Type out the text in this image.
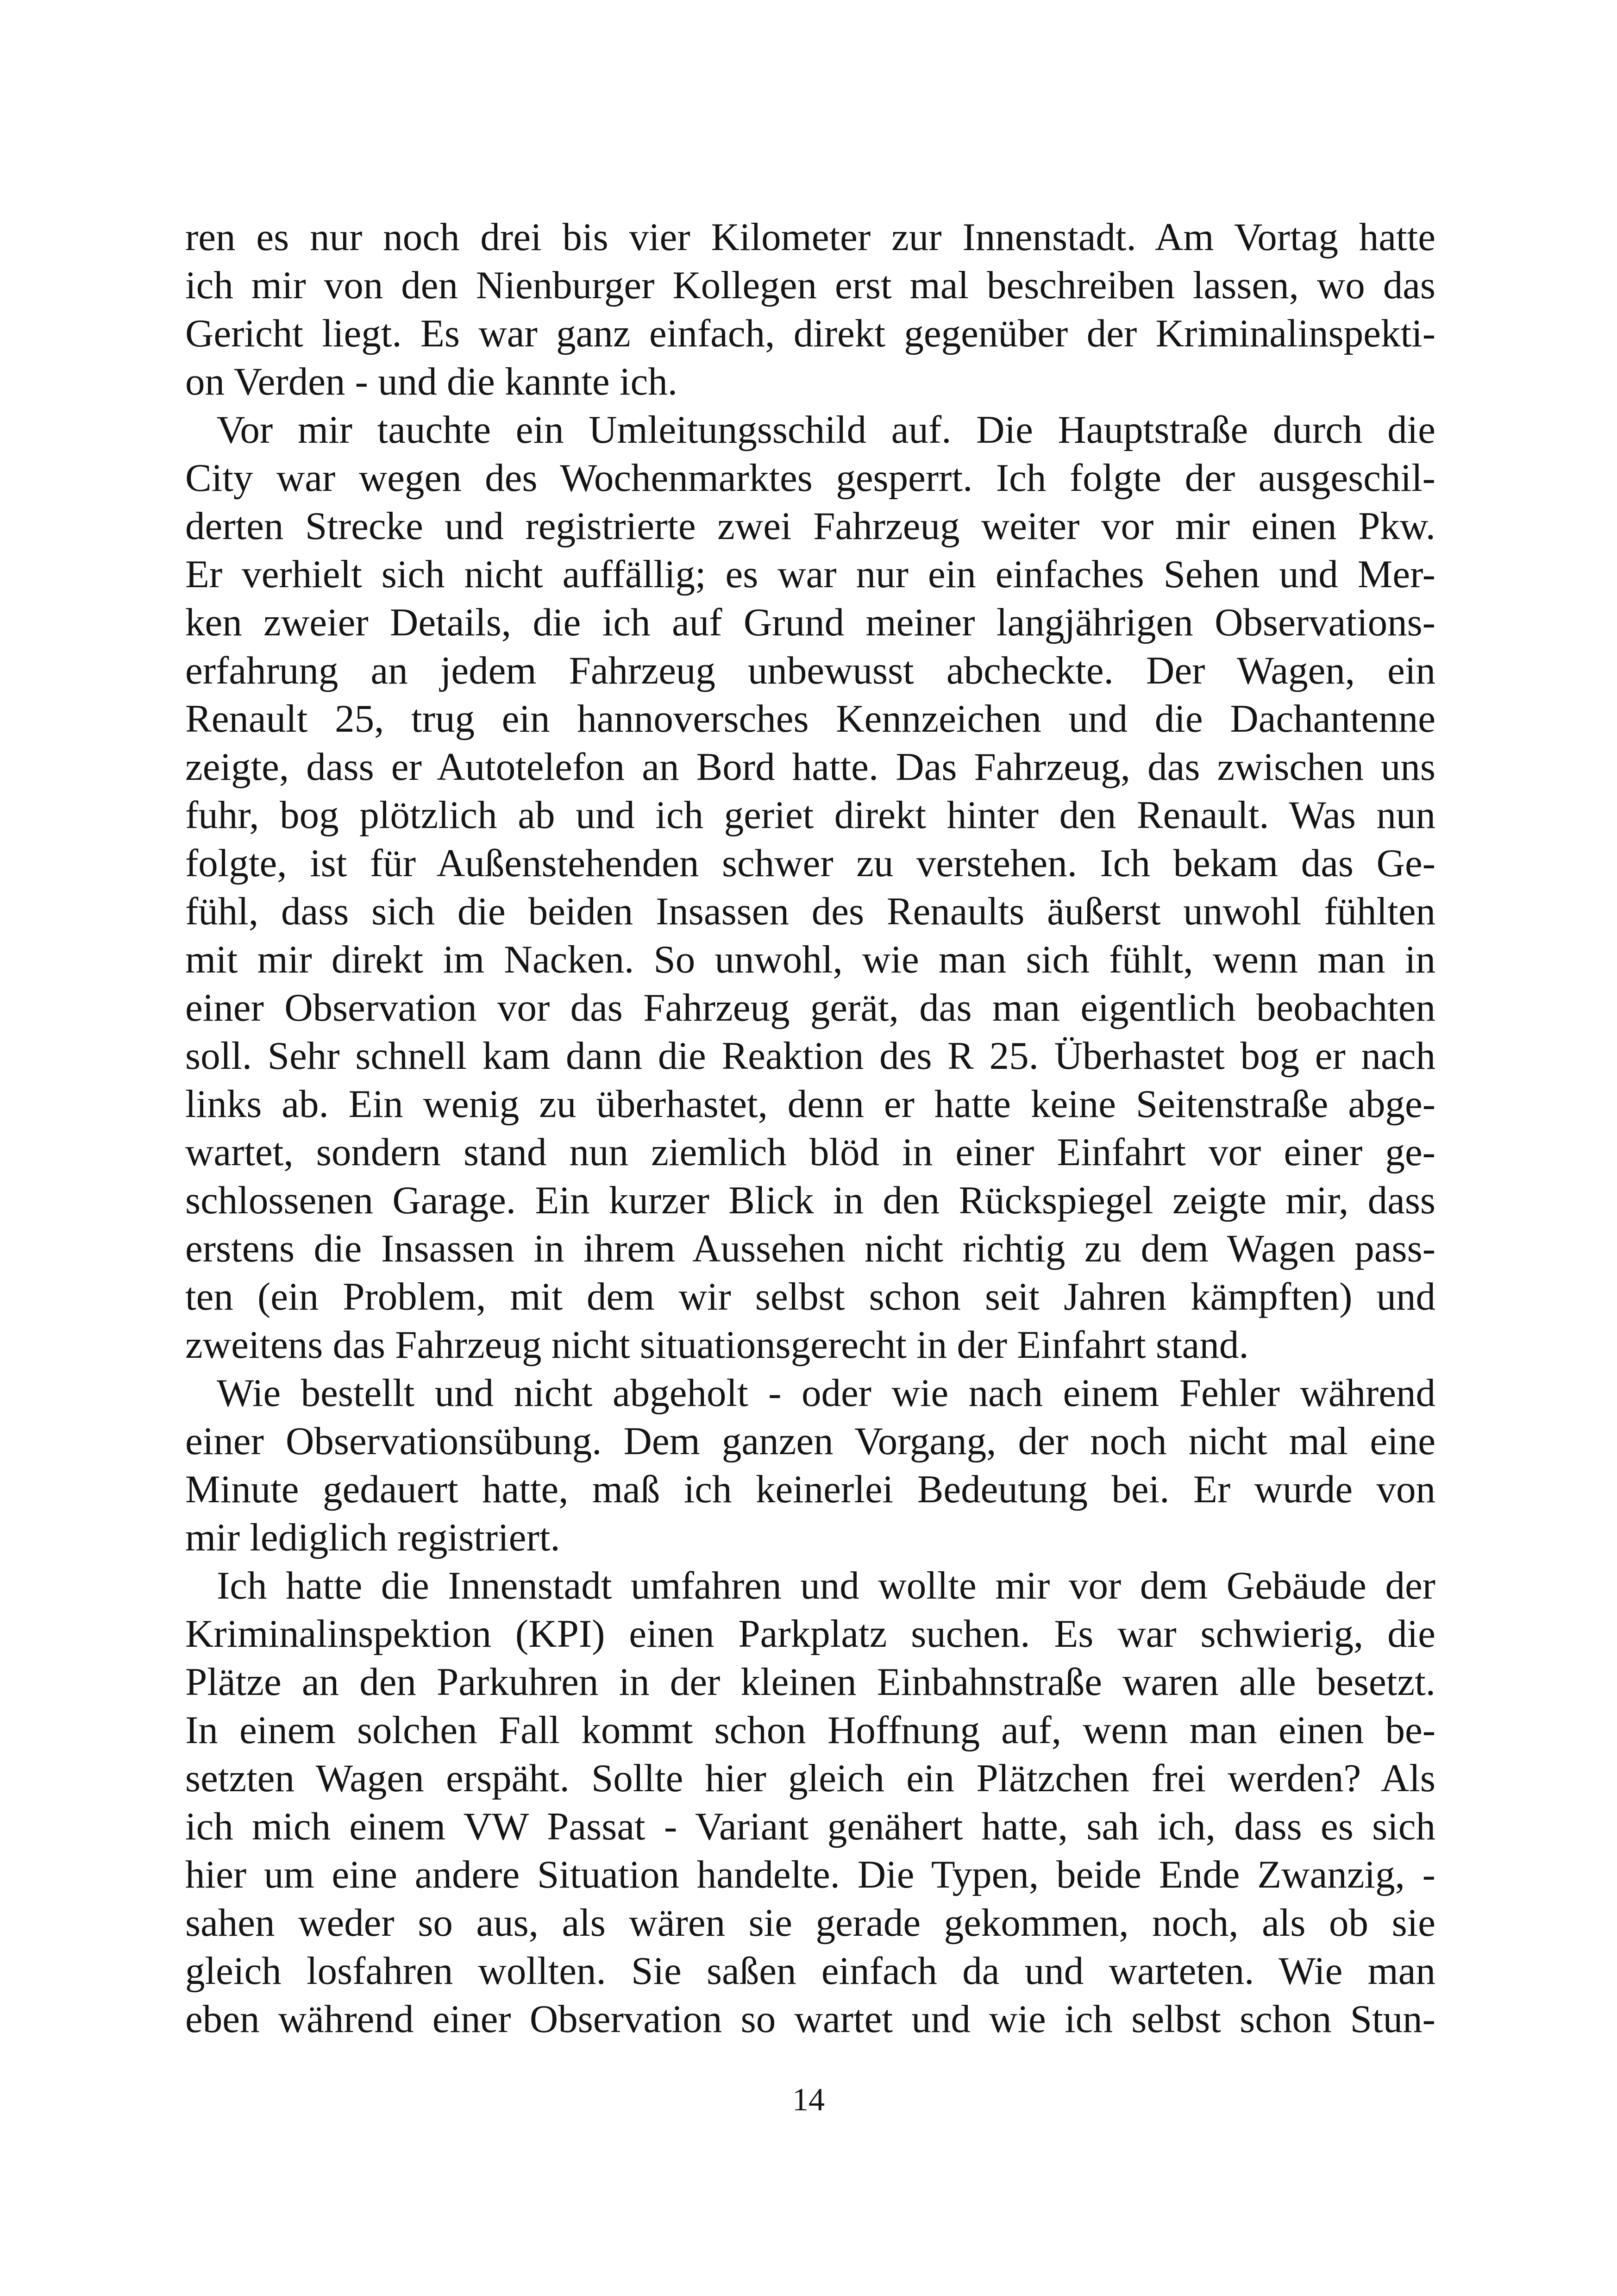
ren es nur noch drei bis vier Kilometer zur Innenstadt. Am Vortag hatte
ich mir von den Nienburger Kollegen erst mal beschreiben lassen, wo das
Gericht liegt. Es war ganz einfach, direkt gegenüber der Kriminalinspekti-
on Verden - und die kannte ich.
Vor mir tauchte ein Umleitungsschild auf. Die Hauptstraße durch die
City war wegen des Wochenmarktes gesperrt. Ich folgte der ausgeschil-
derten Strecke und registrierte zwei Fahrzeug weiter vor mir einen Pkw.
Er verhielt sich nicht auffällig; es war nur ein einfaches Sehen und Mer-
ken zweier Details, die ich auf Grund meiner langjährigen Observations-
erfahrung an jedem Fahrzeug unbewusst abcheckte. Der Wagen, ein
Renault 25, trug ein hannoversches Kennzeichen und die Dachantenne
zeigte, dass er Autotelefon an Bord hatte. Das Fahrzeug, das zwischen uns
fuhr, bog plötzlich ab und ich geriet direkt hinter den Renault. Was nun
folgte, ist für Außenstehenden schwer zu verstehen. Ich bekam das Ge-
fühl, dass sich die beiden Insassen des Renaults äußerst unwohl fühlten
mit mir direkt im Nacken. So unwohl, wie man sich fühlt, wenn man in
einer Observation vor das Fahrzeug gerät, das man eigentlich beobachten
soll. Sehr schnell kam dann die Reaktion des R 25. Überhastet bog er nach
links ab. Ein wenig zu überhastet, denn er hatte keine Seitenstraße abge-
wartet, sondern stand nun ziemlich blöd in einer Einfahrt vor einer ge-
schlossenen Garage. Ein kurzer Blick in den Rückspiegel zeigte mir, dass
erstens die Insassen in ihrem Aussehen nicht richtig zu dem Wagen pass-
ten (ein Problem, mit dem wir selbst schon seit Jahren kämpften) und
zweitens das Fahrzeug nicht situationsgerecht in der Einfahrt stand.
Wie bestellt und nicht abgeholt - oder wie nach einem Fehler während
einer Observationsübung. Dem ganzen Vorgang, der noch nicht mal eine
Minute gedauert hatte, maß ich keinerlei Bedeutung bei. Er wurde von
mir lediglich registriert.
Ich hatte die Innenstadt umfahren und wollte mir vor dem Gebäude der
Kriminalinspektion (KPI) einen Parkplatz suchen. Es war schwierig, die
Plätze an den Parkuhren in der kleinen Einbahnstraße waren alle besetzt.
In einem solchen Fall kommt schon Hoffnung auf, wenn man einen be-
setzten Wagen erspäht. Sollte hier gleich ein Plätzchen frei werden? Als
ich mich einem VW Passat - Variant genähert hatte, sah ich, dass es sich
hier um eine andere Situation handelte. Die Typen, beide Ende Zwanzig, -
sahen weder so aus, als wären sie gerade gekommen, noch, als ob sie
gleich losfahren wollten. Sie saßen einfach da und warteten. Wie man
eben während einer Observation so wartet und wie ich selbst schon Stun-
14
